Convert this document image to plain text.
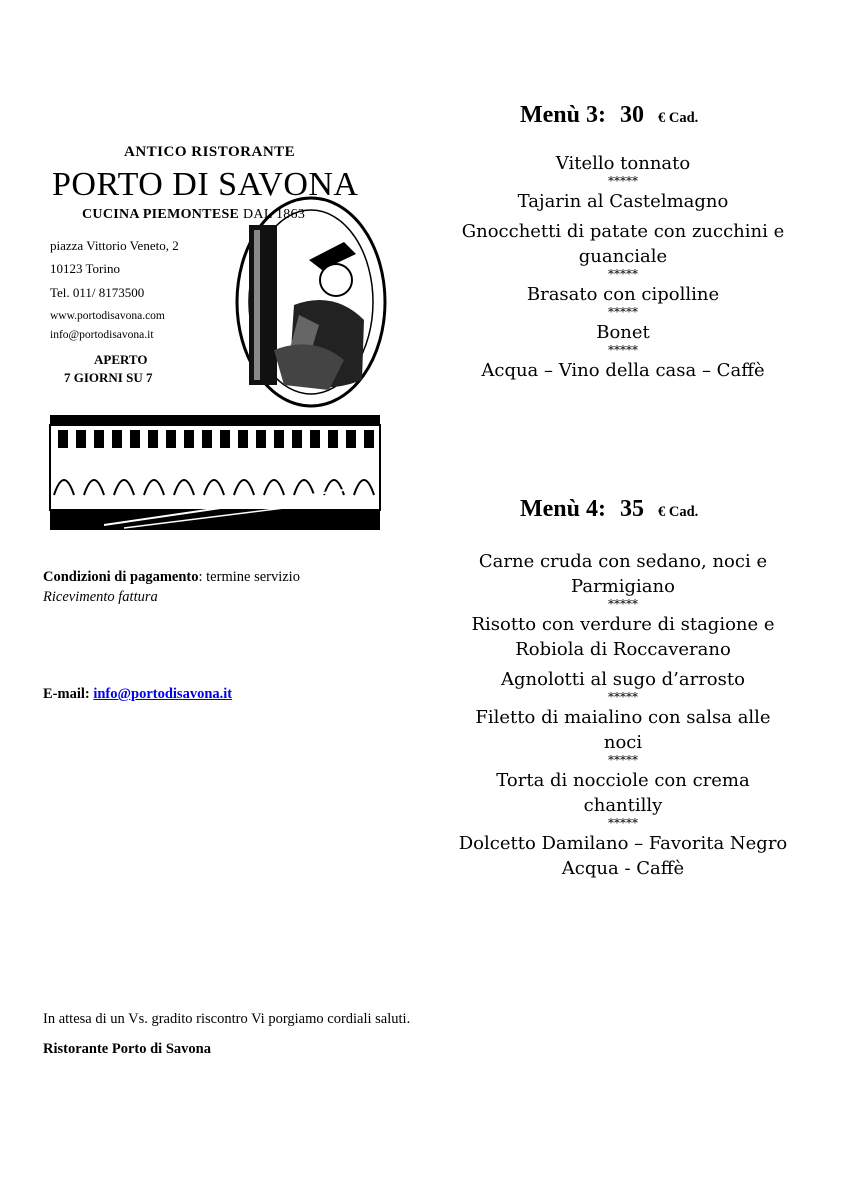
ANTICO RISTORANTE
PORTO DI SAVONA
CUCINA PIEMONTESE DAL 1863
piazza Vittorio Veneto, 2
10123 Torino
Tel. 011/ 8173500
www.portodisavona.com
info@portodisavona.it
APERTO
7 GIORNI SU 7
Condizioni di pagamento: termine servizio
Ricevimento fattura
E-mail: info@portodisavona.it
Menù 3: 30 € Cad.
Vitello tonnato
*****
Tajarin al Castelmagno
Gnocchetti di patate con zucchini e
guanciale
*****
Brasato con cipolline
*****
Bonet
*****
Acqua – Vino della casa – Caffè
Menù 4: 35 € Cad.
Carne cruda con sedano, noci e
Parmigiano
*****
Risotto con verdure di stagione e
Robiola di Roccaverano
Agnolotti al sugo d’arrosto
*****
Filetto di maialino con salsa alle noci
*****
Torta di nocciole con crema chantilly
*****
Dolcetto Damilano – Favorita Negro
Acqua - Caffè
In attesa di un Vs. gradito riscontro Vi porgiamo cordiali saluti.
Ristorante Porto di Savona
